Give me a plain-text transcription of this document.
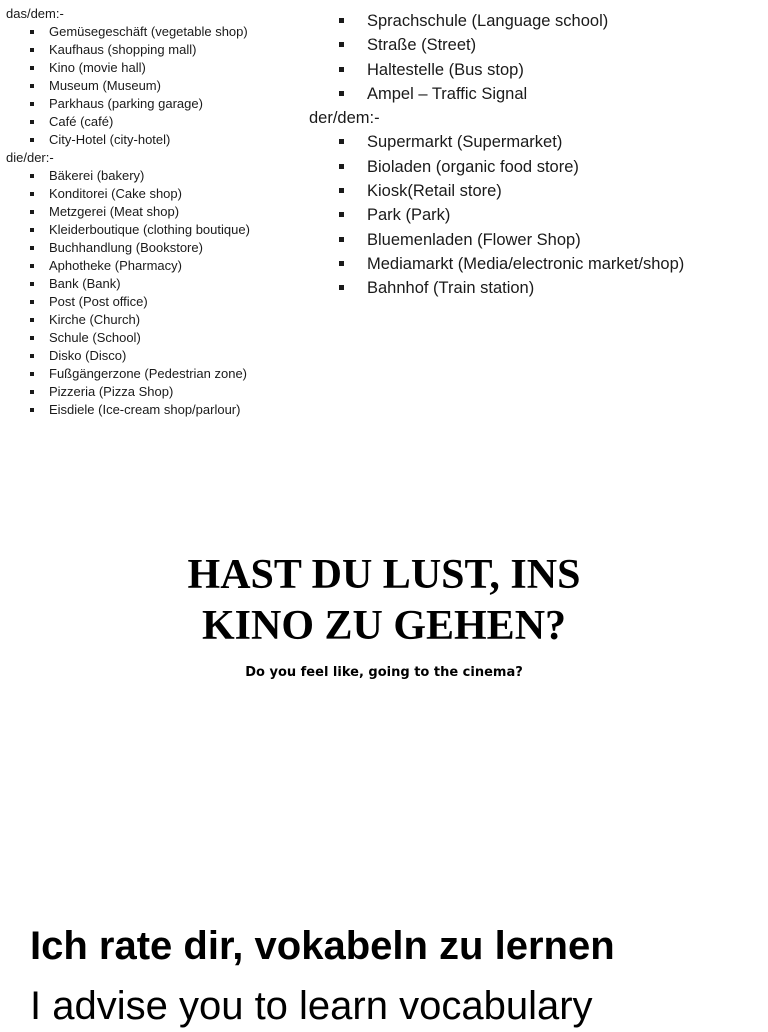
das/dem:-
Gemüsegeschäft (vegetable shop)
Kaufhaus (shopping mall)
Kino (movie hall)
Museum (Museum)
Parkhaus (parking garage)
Café (café)
City-Hotel (city-hotel)
die/der:-
Bäkerei (bakery)
Konditorei (Cake shop)
Metzgerei (Meat shop)
Kleiderboutique (clothing boutique)
Buchhandlung (Bookstore)
Aphotheke (Pharmacy)
Bank (Bank)
Post (Post office)
Kirche (Church)
Schule (School)
Disko (Disco)
Fußgängerzone (Pedestrian zone)
Pizzeria (Pizza Shop)
Eisdiele (Ice-cream shop/parlour)
Sprachschule (Language school)
Straße (Street)
Haltestelle (Bus stop)
Ampel – Traffic Signal
der/dem:-
Supermarkt (Supermarket)
Bioladen (organic food store)
Kiosk(Retail store)
Park (Park)
Bluemenladen (Flower Shop)
Mediamarkt (Media/electronic market/shop)
Bahnhof (Train station)
HAST DU LUST, INS
KINO ZU GEHEN?
Do you feel like, going to the cinema?
Ich rate dir, vokabeln zu lernen
I advise you to learn vocabulary
